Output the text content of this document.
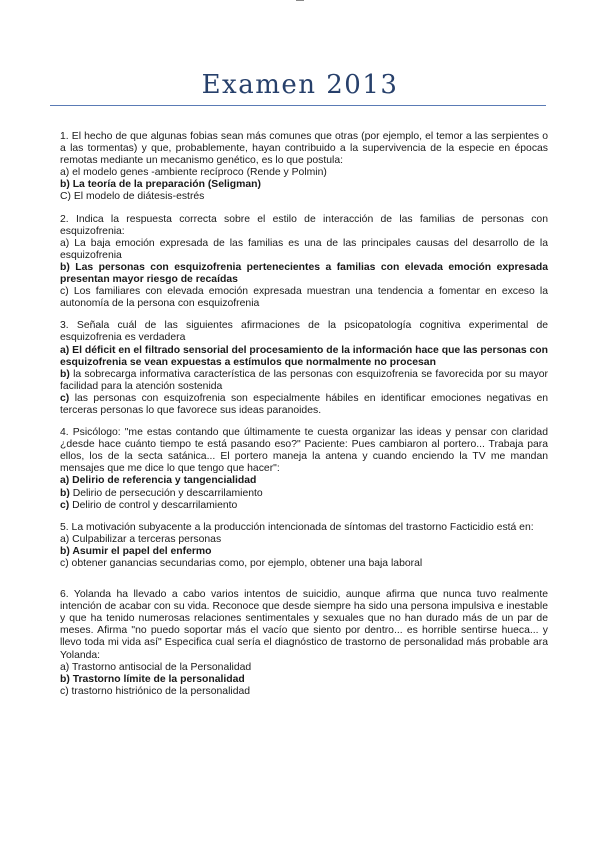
Examen 2013

1. El hecho de que algunas fobias sean más comunes que otras (por ejemplo, el temor a las serpientes o a las tormentas) y que, probablemente, hayan contribuido a la supervivencia de la especie en épocas remotas mediante un mecanismo genético, es lo que postula:

a) el modelo genes -ambiente recíproco (Rende y Polmin)

b) La teoría de la preparación (Seligman)

C) El modelo de diátesis-estrés

2. Indica la respuesta correcta sobre el estilo de interacción de las familias de personas con esquizofrenia:

a) La baja emoción expresada de las familias es una de las principales causas del desarrollo de la esquizofrenia

b) Las personas con esquizofrenia pertenecientes a familias con elevada emoción expresada presentan mayor riesgo de recaídas

c) Los familiares con elevada emoción expresada muestran una tendencia a fomentar en exceso la autonomía de la persona con esquizofrenia

3. Señala cuál de las siguientes afirmaciones de la psicopatología cognitiva experimental de esquizofrenia es verdadera

a) El déficit en el filtrado sensorial del procesamiento de la información hace que las personas con esquizofrenia se vean expuestas a estímulos que normalmente no procesan

b) la sobrecarga informativa característica de las personas con esquizofrenia se favorecida por su mayor facilidad para la atención sostenida

c) las personas con esquizofrenia son especialmente hábiles en identificar emociones negativas en terceras personas lo que favorece sus ideas paranoides.

4. Psicólogo: "me estas contando que últimamente te cuesta organizar las ideas y pensar con claridad ¿desde hace cuánto tiempo te está pasando eso?" Paciente: Pues cambiaron al portero... Trabaja para ellos, los de la secta satánica... El portero maneja la antena y cuando enciendo la TV me mandan mensajes que me dice lo que tengo que hacer":

a) Delirio de referencia y tangencialidad

b) Delirio de persecución y descarrilamiento

c) Delirio de control y descarrilamiento

5. La motivación subyacente a la producción intencionada de síntomas del trastorno Facticidio está en:

a) Culpabilizar a terceras personas

b) Asumir el papel del enfermo

c) obtener ganancias secundarias como, por ejemplo, obtener una baja laboral

6. Yolanda ha llevado a cabo varios intentos de suicidio, aunque afirma que nunca tuvo realmente intención de acabar con su vida. Reconoce que desde siempre ha sido una persona impulsiva e inestable y que ha tenido numerosas relaciones sentimentales y sexuales que no han durado más de un par de meses. Afirma "no puedo soportar más el vacío que siento por dentro... es horrible sentirse hueca... y llevo toda mi vida así" Especifica cual sería el diagnóstico de trastorno de personalidad más probable ara Yolanda:

a) Trastorno antisocial de la Personalidad

b) Trastorno límite de la personalidad

c) trastorno histriónico de la personalidad
